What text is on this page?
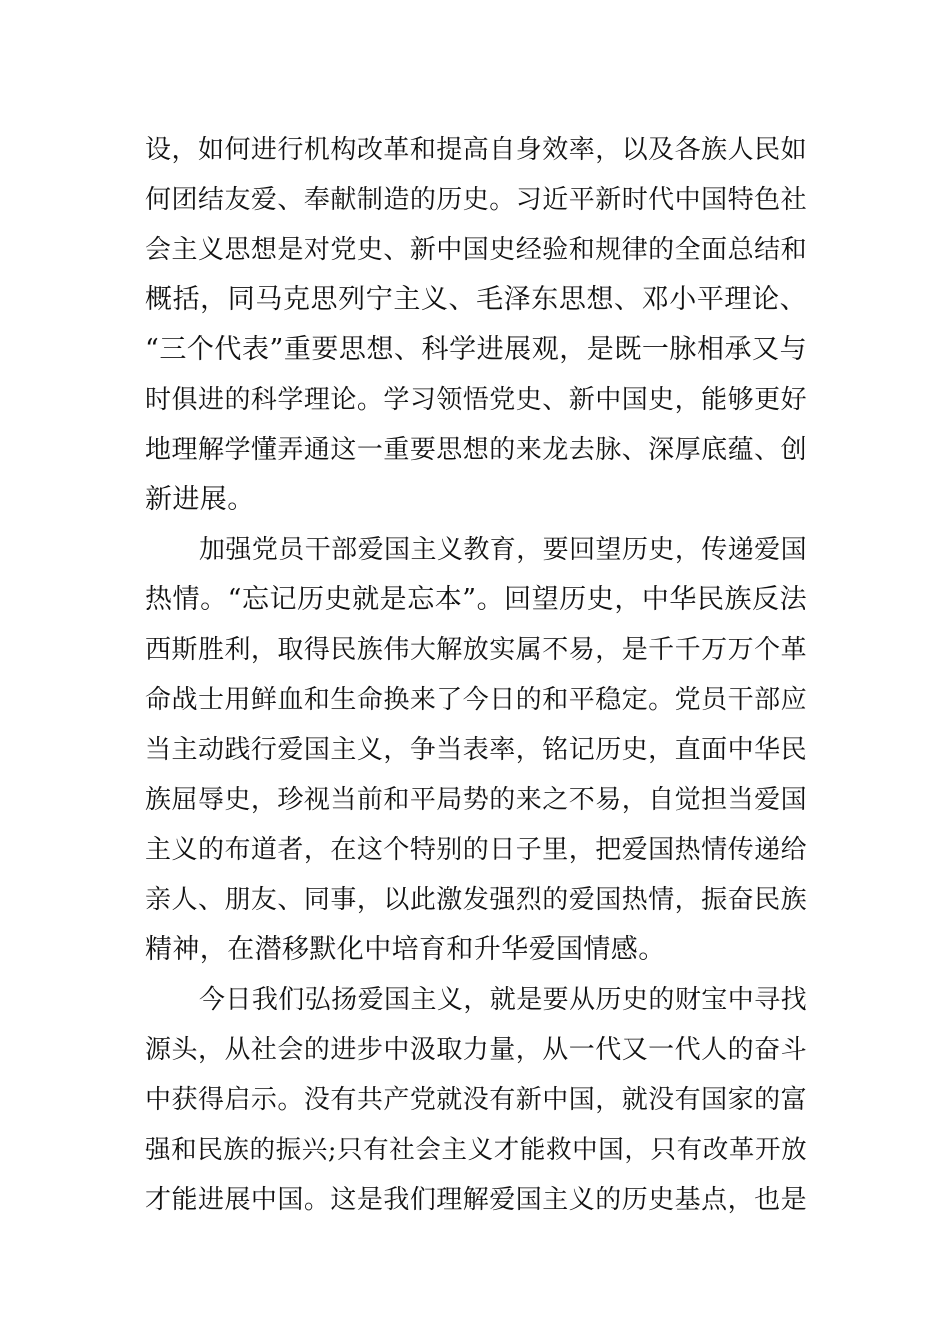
设，如何进行机构改革和提高自身效率，以及各族人民如
何团结友爱、奉献制造的历史。习近平新时代中国特色社
会主义思想是对党史、新中国史经验和规律的全面总结和
概括，同马克思列宁主义、毛泽东思想、邓小平理论、
“三个代表”重要思想、科学进展观，是既一脉相承又与
时俱进的科学理论。学习领悟党史、新中国史，能够更好
地理解学懂弄通这一重要思想的来龙去脉、深厚底蕴、创
新进展。
加强党员干部爱国主义教育，要回望历史，传递爱国
热情。“忘记历史就是忘本”。回望历史，中华民族反法
西斯胜利，取得民族伟大解放实属不易，是千千万万个革
命战士用鲜血和生命换来了今日的和平稳定。党员干部应
当主动践行爱国主义，争当表率，铭记历史，直面中华民
族屈辱史，珍视当前和平局势的来之不易，自觉担当爱国
主义的布道者，在这个特别的日子里，把爱国热情传递给
亲人、朋友、同事，以此激发强烈的爱国热情，振奋民族
精神，在潜移默化中培育和升华爱国情感。
今日我们弘扬爱国主义，就是要从历史的财宝中寻找
源头，从社会的进步中汲取力量，从一代又一代人的奋斗
中获得启示。没有共产党就没有新中国，就没有国家的富
强和民族的振兴;只有社会主义才能救中国，只有改革开放
才能进展中国。这是我们理解爱国主义的历史基点，也是
